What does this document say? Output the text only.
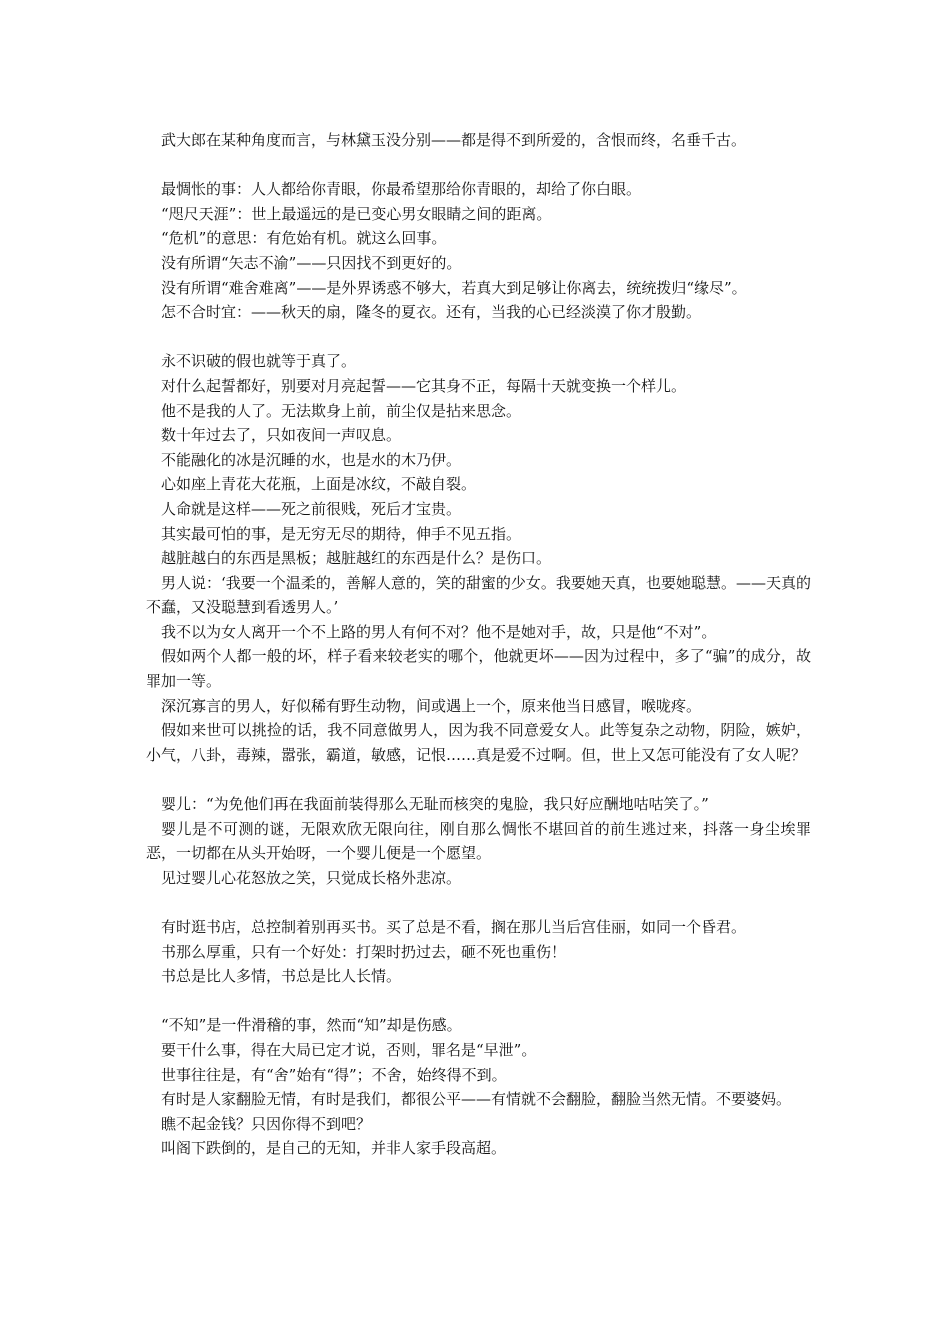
武大郎在某种角度而言，与林黛玉没分别——都是得不到所爱的，含恨而终，名垂千古。

最惆怅的事：人人都给你青眼，你最希望那给你青眼的，却给了你白眼。

“咫尺天涯”：世上最遥远的是已变心男女眼睛之间的距离。

“危机”的意思：有危始有机。就这么回事。

没有所谓“矢志不渝”——只因找不到更好的。

没有所谓“难舍难离”——是外界诱惑不够大，若真大到足够让你离去，统统拨归“缘尽”。

怎不合时宜：——秋天的扇，隆冬的夏衣。还有，当我的心已经淡漠了你才殷勤。

永不识破的假也就等于真了。

对什么起誓都好，别要对月亮起誓——它其身不正，每隔十天就变换一个样儿。

他不是我的人了。无法欺身上前，前尘仅是拈来思念。

数十年过去了，只如夜间一声叹息。

不能融化的冰是沉睡的水，也是水的木乃伊。

心如座上青花大花瓶，上面是冰纹，不敲自裂。

人命就是这样——死之前很贱，死后才宝贵。

其实最可怕的事，是无穷无尽的期待，伸手不见五指。

越脏越白的东西是黑板；越脏越红的东西是什么？是伤口。

男人说：‘我要一个温柔的，善解人意的，笑的甜蜜的少女。我要她天真，也要她聪慧。——天真的不蠢，又没聪慧到看透男人。’

我不以为女人离开一个不上路的男人有何不对？他不是她对手，故，只是他“不对”。

假如两个人都一般的坏，样子看来较老实的哪个，他就更坏——因为过程中，多了“骗”的成分，故罪加一等。

深沉寡言的男人，好似稀有野生动物，间或遇上一个，原来他当日感冒，喉咙疼。

假如来世可以挑捡的话，我不同意做男人，因为我不同意爱女人。此等复杂之动物，阴险，嫉妒，小气，八卦，毒辣，嚣张，霸道，敏感，记恨……真是爱不过啊。但，世上又怎可能没有了女人呢？

婴儿：“为免他们再在我面前装得那么无耻而核突的鬼脸，我只好应酬地咕咕笑了。”

婴儿是不可测的谜，无限欢欣无限向往，刚自那么惆怅不堪回首的前生逃过来，抖落一身尘埃罪恶，一切都在从头开始呀，一个婴儿便是一个愿望。

见过婴儿心花怒放之笑，只觉成长格外悲凉。

有时逛书店，总控制着别再买书。买了总是不看，搁在那儿当后宫佳丽，如同一个昏君。

书那么厚重，只有一个好处：打架时扔过去，砸不死也重伤！

书总是比人多情，书总是比人长情。

“不知”是一件滑稽的事，然而“知”却是伤感。

要干什么事，得在大局已定才说，否则，罪名是“早泄”。

世事往往是，有“舍”始有“得”；不舍，始终得不到。

有时是人家翻脸无情，有时是我们，都很公平——有情就不会翻脸，翻脸当然无情。不要婆妈。

瞧不起金钱？只因你得不到吧？

叫阁下跌倒的，是自己的无知，并非人家手段高超。
